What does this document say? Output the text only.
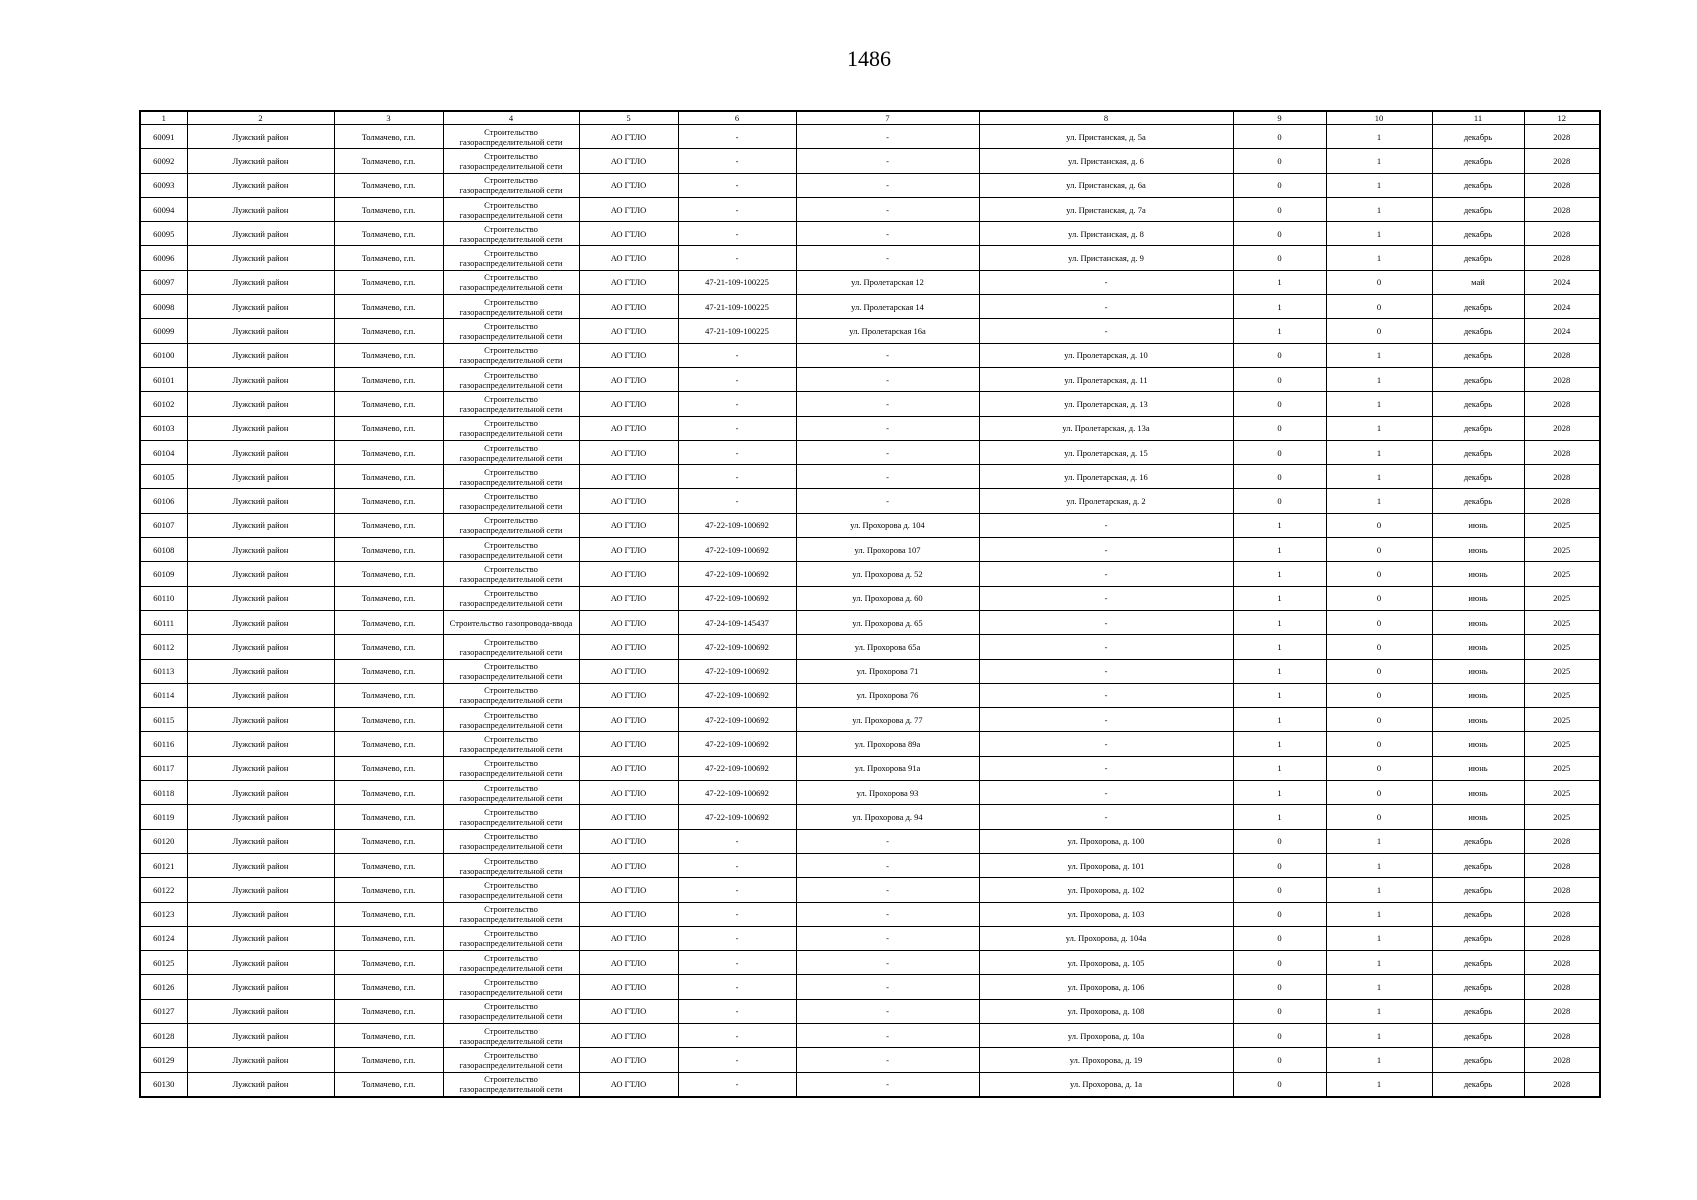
1486
1	2	3	4	5	6	7	8	9	10	11	12
60091	Лужский район	Толмачево, г.п.	Строительство газораспределительной сети	АО ГТЛО	-	-	ул. Пристанская, д. 5а	0	1	декабрь	2028
60092	Лужский район	Толмачево, г.п.	Строительство газораспределительной сети	АО ГТЛО	-	-	ул. Пристанская, д. 6	0	1	декабрь	2028
60093	Лужский район	Толмачево, г.п.	Строительство газораспределительной сети	АО ГТЛО	-	-	ул. Пристанская, д. 6а	0	1	декабрь	2028
60094	Лужский район	Толмачево, г.п.	Строительство газораспределительной сети	АО ГТЛО	-	-	ул. Пристанская, д. 7а	0	1	декабрь	2028
60095	Лужский район	Толмачево, г.п.	Строительство газораспределительной сети	АО ГТЛО	-	-	ул. Пристанская, д. 8	0	1	декабрь	2028
60096	Лужский район	Толмачево, г.п.	Строительство газораспределительной сети	АО ГТЛО	-	-	ул. Пристанская, д. 9	0	1	декабрь	2028
60097	Лужский район	Толмачево, г.п.	Строительство газораспределительной сети	АО ГТЛО	47-21-109-100225	ул. Пролетарская 12	-	1	0	май	2024
60098	Лужский район	Толмачево, г.п.	Строительство газораспределительной сети	АО ГТЛО	47-21-109-100225	ул. Пролетарская 14	-	1	0	декабрь	2024
60099	Лужский район	Толмачево, г.п.	Строительство газораспределительной сети	АО ГТЛО	47-21-109-100225	ул. Пролетарская 16а	-	1	0	декабрь	2024
60100	Лужский район	Толмачево, г.п.	Строительство газораспределительной сети	АО ГТЛО	-	-	ул. Пролетарская, д. 10	0	1	декабрь	2028
60101	Лужский район	Толмачево, г.п.	Строительство газораспределительной сети	АО ГТЛО	-	-	ул. Пролетарская, д. 11	0	1	декабрь	2028
60102	Лужский район	Толмачево, г.п.	Строительство газораспределительной сети	АО ГТЛО	-	-	ул. Пролетарская, д. 13	0	1	декабрь	2028
60103	Лужский район	Толмачево, г.п.	Строительство газораспределительной сети	АО ГТЛО	-	-	ул. Пролетарская, д. 13а	0	1	декабрь	2028
60104	Лужский район	Толмачево, г.п.	Строительство газораспределительной сети	АО ГТЛО	-	-	ул. Пролетарская, д. 15	0	1	декабрь	2028
60105	Лужский район	Толмачево, г.п.	Строительство газораспределительной сети	АО ГТЛО	-	-	ул. Пролетарская, д. 16	0	1	декабрь	2028
60106	Лужский район	Толмачево, г.п.	Строительство газораспределительной сети	АО ГТЛО	-	-	ул. Пролетарская, д. 2	0	1	декабрь	2028
60107	Лужский район	Толмачево, г.п.	Строительство газораспределительной сети	АО ГТЛО	47-22-109-100692	ул. Прохорова д. 104	-	1	0	июнь	2025
60108	Лужский район	Толмачево, г.п.	Строительство газораспределительной сети	АО ГТЛО	47-22-109-100692	ул. Прохорова 107	-	1	0	июнь	2025
60109	Лужский район	Толмачево, г.п.	Строительство газораспределительной сети	АО ГТЛО	47-22-109-100692	ул. Прохорова д. 52	-	1	0	июнь	2025
60110	Лужский район	Толмачево, г.п.	Строительство газораспределительной сети	АО ГТЛО	47-22-109-100692	ул. Прохорова д. 60	-	1	0	июнь	2025
60111	Лужский район	Толмачево, г.п.	Строительство газопровода-ввода	АО ГТЛО	47-24-109-145437	ул. Прохорова д. 65	-	1	0	июнь	2025
60112	Лужский район	Толмачево, г.п.	Строительство газораспределительной сети	АО ГТЛО	47-22-109-100692	ул. Прохорова 65а	-	1	0	июнь	2025
60113	Лужский район	Толмачево, г.п.	Строительство газораспределительной сети	АО ГТЛО	47-22-109-100692	ул. Прохорова 71	-	1	0	июнь	2025
60114	Лужский район	Толмачево, г.п.	Строительство газораспределительной сети	АО ГТЛО	47-22-109-100692	ул. Прохорова 76	-	1	0	июнь	2025
60115	Лужский район	Толмачево, г.п.	Строительство газораспределительной сети	АО ГТЛО	47-22-109-100692	ул. Прохорова д. 77	-	1	0	июнь	2025
60116	Лужский район	Толмачево, г.п.	Строительство газораспределительной сети	АО ГТЛО	47-22-109-100692	ул. Прохорова 89а	-	1	0	июнь	2025
60117	Лужский район	Толмачево, г.п.	Строительство газораспределительной сети	АО ГТЛО	47-22-109-100692	ул. Прохорова 91а	-	1	0	июнь	2025
60118	Лужский район	Толмачево, г.п.	Строительство газораспределительной сети	АО ГТЛО	47-22-109-100692	ул. Прохорова 93	-	1	0	июнь	2025
60119	Лужский район	Толмачево, г.п.	Строительство газораспределительной сети	АО ГТЛО	47-22-109-100692	ул. Прохорова д. 94	-	1	0	июнь	2025
60120	Лужский район	Толмачево, г.п.	Строительство газораспределительной сети	АО ГТЛО	-	-	ул. Прохорова, д. 100	0	1	декабрь	2028
60121	Лужский район	Толмачево, г.п.	Строительство газораспределительной сети	АО ГТЛО	-	-	ул. Прохорова, д. 101	0	1	декабрь	2028
60122	Лужский район	Толмачево, г.п.	Строительство газораспределительной сети	АО ГТЛО	-	-	ул. Прохорова, д. 102	0	1	декабрь	2028
60123	Лужский район	Толмачево, г.п.	Строительство газораспределительной сети	АО ГТЛО	-	-	ул. Прохорова, д. 103	0	1	декабрь	2028
60124	Лужский район	Толмачево, г.п.	Строительство газораспределительной сети	АО ГТЛО	-	-	ул. Прохорова, д. 104а	0	1	декабрь	2028
60125	Лужский район	Толмачево, г.п.	Строительство газораспределительной сети	АО ГТЛО	-	-	ул. Прохорова, д. 105	0	1	декабрь	2028
60126	Лужский район	Толмачево, г.п.	Строительство газораспределительной сети	АО ГТЛО	-	-	ул. Прохорова, д. 106	0	1	декабрь	2028
60127	Лужский район	Толмачево, г.п.	Строительство газораспределительной сети	АО ГТЛО	-	-	ул. Прохорова, д. 108	0	1	декабрь	2028
60128	Лужский район	Толмачево, г.п.	Строительство газораспределительной сети	АО ГТЛО	-	-	ул. Прохорова, д. 10а	0	1	декабрь	2028
60129	Лужский район	Толмачево, г.п.	Строительство газораспределительной сети	АО ГТЛО	-	-	ул. Прохорова, д. 19	0	1	декабрь	2028
60130	Лужский район	Толмачево, г.п.	Строительство газораспределительной сети	АО ГТЛО	-	-	ул. Прохорова, д. 1а	0	1	декабрь	2028
